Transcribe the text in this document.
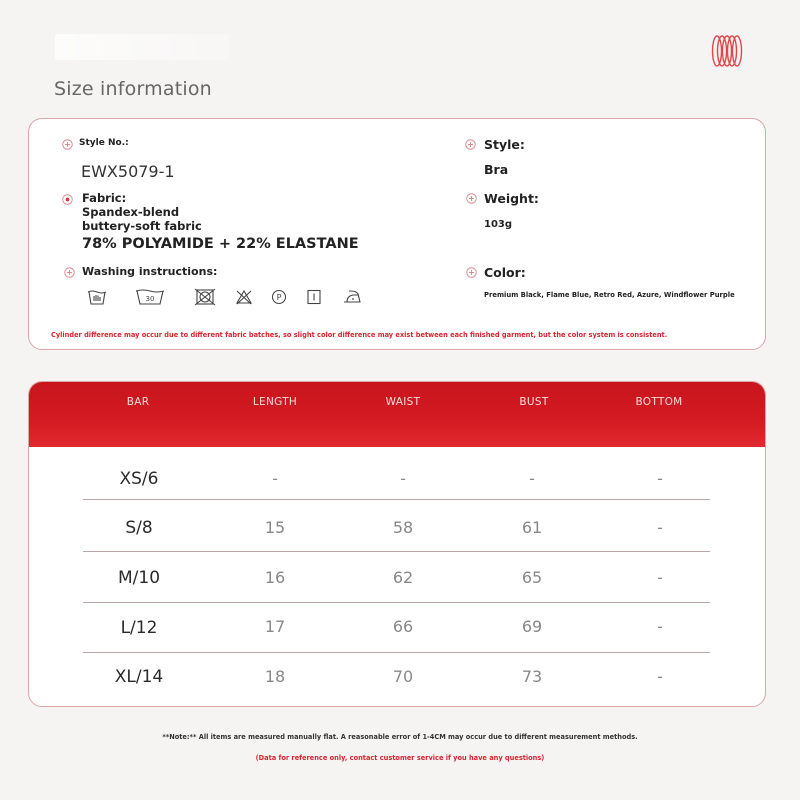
Size information
Style No.:
EWX5079-1
Fabric:
Spandex-blend
buttery-soft fabric
78% POLYAMIDE + 22% ELASTANE
Washing instructions:
30	P
Style:
Bra
Weight:
103g
Color:
Premium Black, Flame Blue, Retro Red, Azure, Windflower Purple
Cylinder difference may occur due to different fabric batches, so slight color difference may exist between each finished garment, but the color system is consistent.
BAR	LENGTH	WAIST	BUST	BOTTOM
XS/6	-	-	-	-
S/8	15	58	61	-
M/10	16	62	65	-
L/12	17	66	69	-
XL/14	18	70	73	-
**Note:** All items are measured manually flat. A reasonable error of 1-4CM may occur due to different measurement methods.
(Data for reference only, contact customer service if you have any questions)
